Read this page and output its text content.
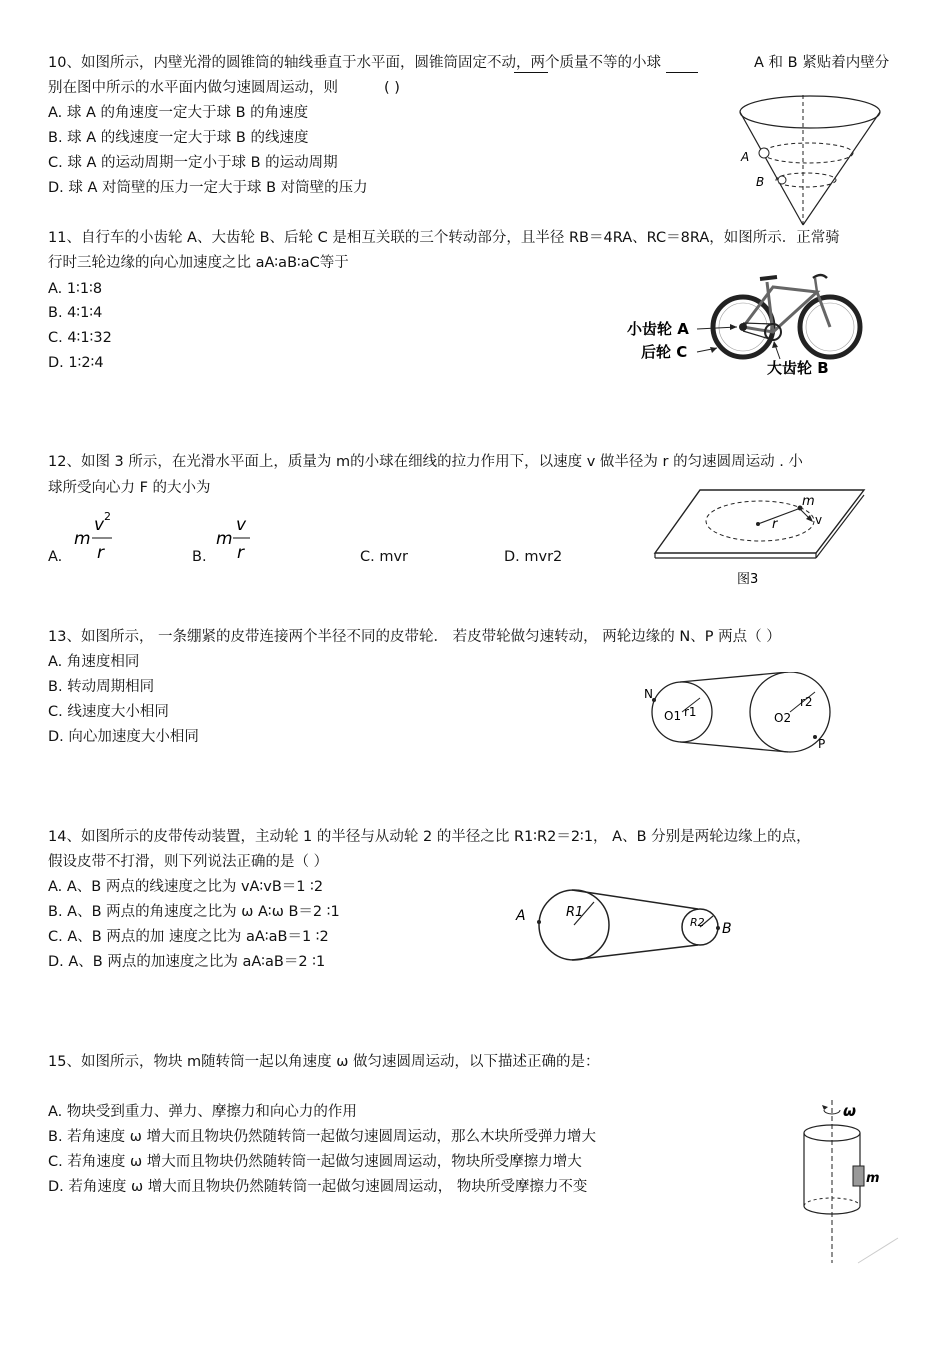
10、如图所示，内壁光滑的圆锥筒的轴线垂直于水平面，圆锥筒固定不动，两个质量不等的小球	A 和 B 紧贴着内壁分
别在图中所示的水平面内做匀速圆周运动，则	( )
A. 球 A 的角速度一定大于球 B 的角速度
B. 球 A 的线速度一定大于球 B 的线速度
C. 球 A 的运动周期一定小于球 B 的运动周期
D. 球 A 对筒壁的压力一定大于球 B 对筒壁的压力
A
B
11、自行车的小齿轮 A、大齿轮 B、后轮 C 是相互关联的三个转动部分，且半径 RB＝4RA、RC＝8RA，如图所示．正常骑
行时三轮边缘的向心加速度之比 aA∶aB∶aC等于
A. 1∶1∶8
B. 4∶1∶4
C. 4∶1∶32
D. 1∶2∶4
小齿轮 A
后轮 C
大齿轮 B
12、如图 3 所示，在光滑水平面上，质量为 m的小球在细线的拉力作用下，以速度 v 做半径为 r 的匀速圆周运动 . 小
球所受向心力 F 的大小为
A.
m
v 2
r	B.
m
v
r	C. mvr	D. mvr2
m
r	v
图3
13、如图所示， 一条绷紧的皮带连接两个半径不同的皮带轮． 若皮带轮做匀速转动， 两轮边缘的 N、P 两点（ ）
A. 角速度相同
B. 转动周期相同
C. 线速度大小相同
D. 向心加速度大小相同
N
P
O1 r1	O2
r2
14、如图所示的皮带传动装置，主动轮 1 的半径与从动轮 2 的半径之比 R1∶R2＝2∶1， A、B 分别是两轮边缘上的点，
假设皮带不打滑，则下列说法正确的是（ ）
A. A、B 两点的线速度之比为 vA∶vB＝1 ∶2
B. A、B 两点的角速度之比为 ω A∶ω B＝2 ∶1
C. A、B 两点的加 速度之比为 aA∶aB＝1 ∶2
D. A、B 两点的加速度之比为 aA∶aB＝2 ∶1
A
B
R1
R2
15、如图所示，物块 m随转筒一起以角速度 ω 做匀速圆周运动，以下描述正确的是：
A. 物块受到重力、弹力、摩擦力和向心力的作用
B. 若角速度 ω 增大而且物块仍然随转筒一起做匀速圆周运动，那么木块所受弹力增大
C. 若角速度 ω 增大而且物块仍然随转筒一起做匀速圆周运动，物块所受摩擦力增大
D. 若角速度 ω 增大而且物块仍然随转筒一起做匀速圆周运动， 物块所受摩擦力不变
ω
m
